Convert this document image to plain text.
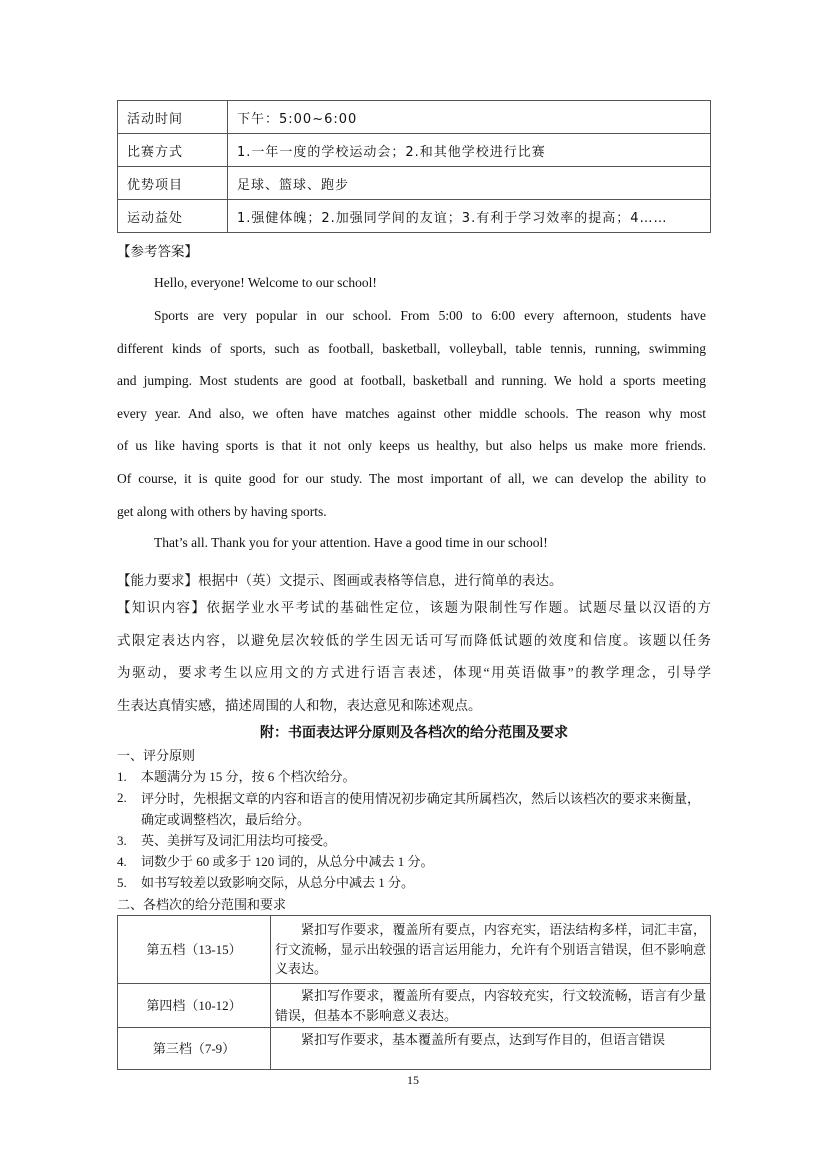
活动时间	下午：5:00~6:00
比赛方式	1.一年一度的学校运动会；2.和其他学校进行比赛
优势项目	足球、篮球、跑步
运动益处	1.强健体魄；2.加强同学间的友谊；3.有利于学习效率的提高；4……
【参考答案】
Hello, everyone! Welcome to our school!
Sports are very popular in our school. From 5:00 to 6:00 every afternoon, students have
different kinds of sports, such as football, basketball, volleyball, table tennis, running, swimming
and jumping. Most students are good at football, basketball and running. We hold a sports meeting
every year. And also, we often have matches against other middle schools. The reason why most
of us like having sports is that it not only keeps us healthy, but also helps us make more friends.
Of course, it is quite good for our study. The most important of all, we can develop the ability to
get along with others by having sports.
That’s all. Thank you for your attention. Have a good time in our school!
【能力要求】根据中（英）文提示、图画或表格等信息，进行简单的表达。
【知识内容】依据学业水平考试的基础性定位，该题为限制性写作题。试题尽量以汉语的方
式限定表达内容，以避免层次较低的学生因无话可写而降低试题的效度和信度。该题以任务
为驱动，要求考生以应用文的方式进行语言表述，体现“用英语做事”的教学理念，引导学
生表达真情实感，描述周围的人和物，表达意见和陈述观点。
附：书面表达评分原则及各档次的给分范围及要求
一、评分原则
1. 本题满分为 15 分，按 6 个档次给分。
2. 评分时，先根据文章的内容和语言的使用情况初步确定其所属档次，然后以该档次的要求来衡量，确定或调整档次，最后给分。
3. 英、美拼写及词汇用法均可接受。
4. 词数少于 60 或多于 120 词的，从总分中减去 1 分。
5. 如书写较差以致影响交际，从总分中减去 1 分。
二、各档次的给分范围和要求
第五档（13-15）	紧扣写作要求，覆盖所有要点，内容充实，语法结构多样，词汇丰富，行文流畅，显示出较强的语言运用能力，允许有个别语言错误，但不影响意义表达。
第四档（10-12）	紧扣写作要求，覆盖所有要点，内容较充实，行文较流畅，语言有少量错误，但基本不影响意义表达。
第三档（7-9）	紧扣写作要求，基本覆盖所有要点，达到写作目的，但语言错误
15
